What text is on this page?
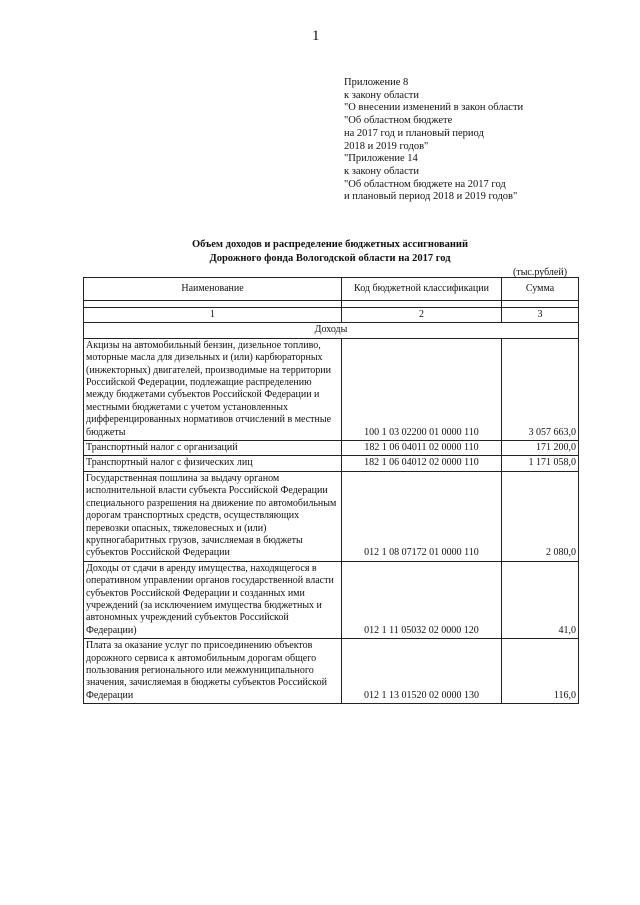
1
Приложение 8
к закону области
"О внесении изменений в закон области
"Об областном бюджете
на 2017 год и плановый период
2018 и 2019 годов"
"Приложение 14
к закону области
"Об областном бюджете на 2017 год
и плановый период 2018 и 2019 годов"
Объем доходов и распределение бюджетных ассигнований
Дорожного фонда Вологодской области на 2017 год
(тыс.рублей)
Наименование	Код бюджетной классификации	Сумма

1	2	3
Доходы		
Акцизы на автомобильный бензин, дизельное топливо, моторные масла для дизельных и (или) карбюраторных (инжекторных) двигателей, производимые на территории Российской Федерации, подлежащие распределению между бюджетами субъектов Российской Федерации и местными бюджетами с учетом установленных дифференцированных нормативов отчислений в местные бюджеты	100 1 03 02200 01 0000 110	3 057 663,0
Транспортный налог с организаций	182 1 06 04011 02 0000 110	171 200,0
Транспортный налог с физических лиц	182 1 06 04012 02 0000 110	1 171 058,0
Государственная пошлина за выдачу органом исполнительной власти субъекта Российской Федерации специального разрешения на движение по автомобильным дорогам транспортных средств, осуществляющих перевозки опасных, тяжеловесных и (или) крупногабаритных грузов, зачисляемая в бюджеты субъектов Российской Федерации	012 1 08 07172 01 0000 110	2 080,0
Доходы от сдачи в аренду имущества, находящегося в оперативном управлении органов государственной власти субъектов Российской Федерации и созданных ими учреждений (за исключением имущества бюджетных и автономных учреждений субъектов Российской Федерации)	012 1 11 05032 02 0000 120	41,0
Плата за оказание услуг по присоединению объектов дорожного сервиса к автомобильным дорогам общего пользования регионального или межмуниципального значения, зачисляемая в бюджеты субъектов Российской Федерации	012 1 13 01520 02 0000 130	116,0
